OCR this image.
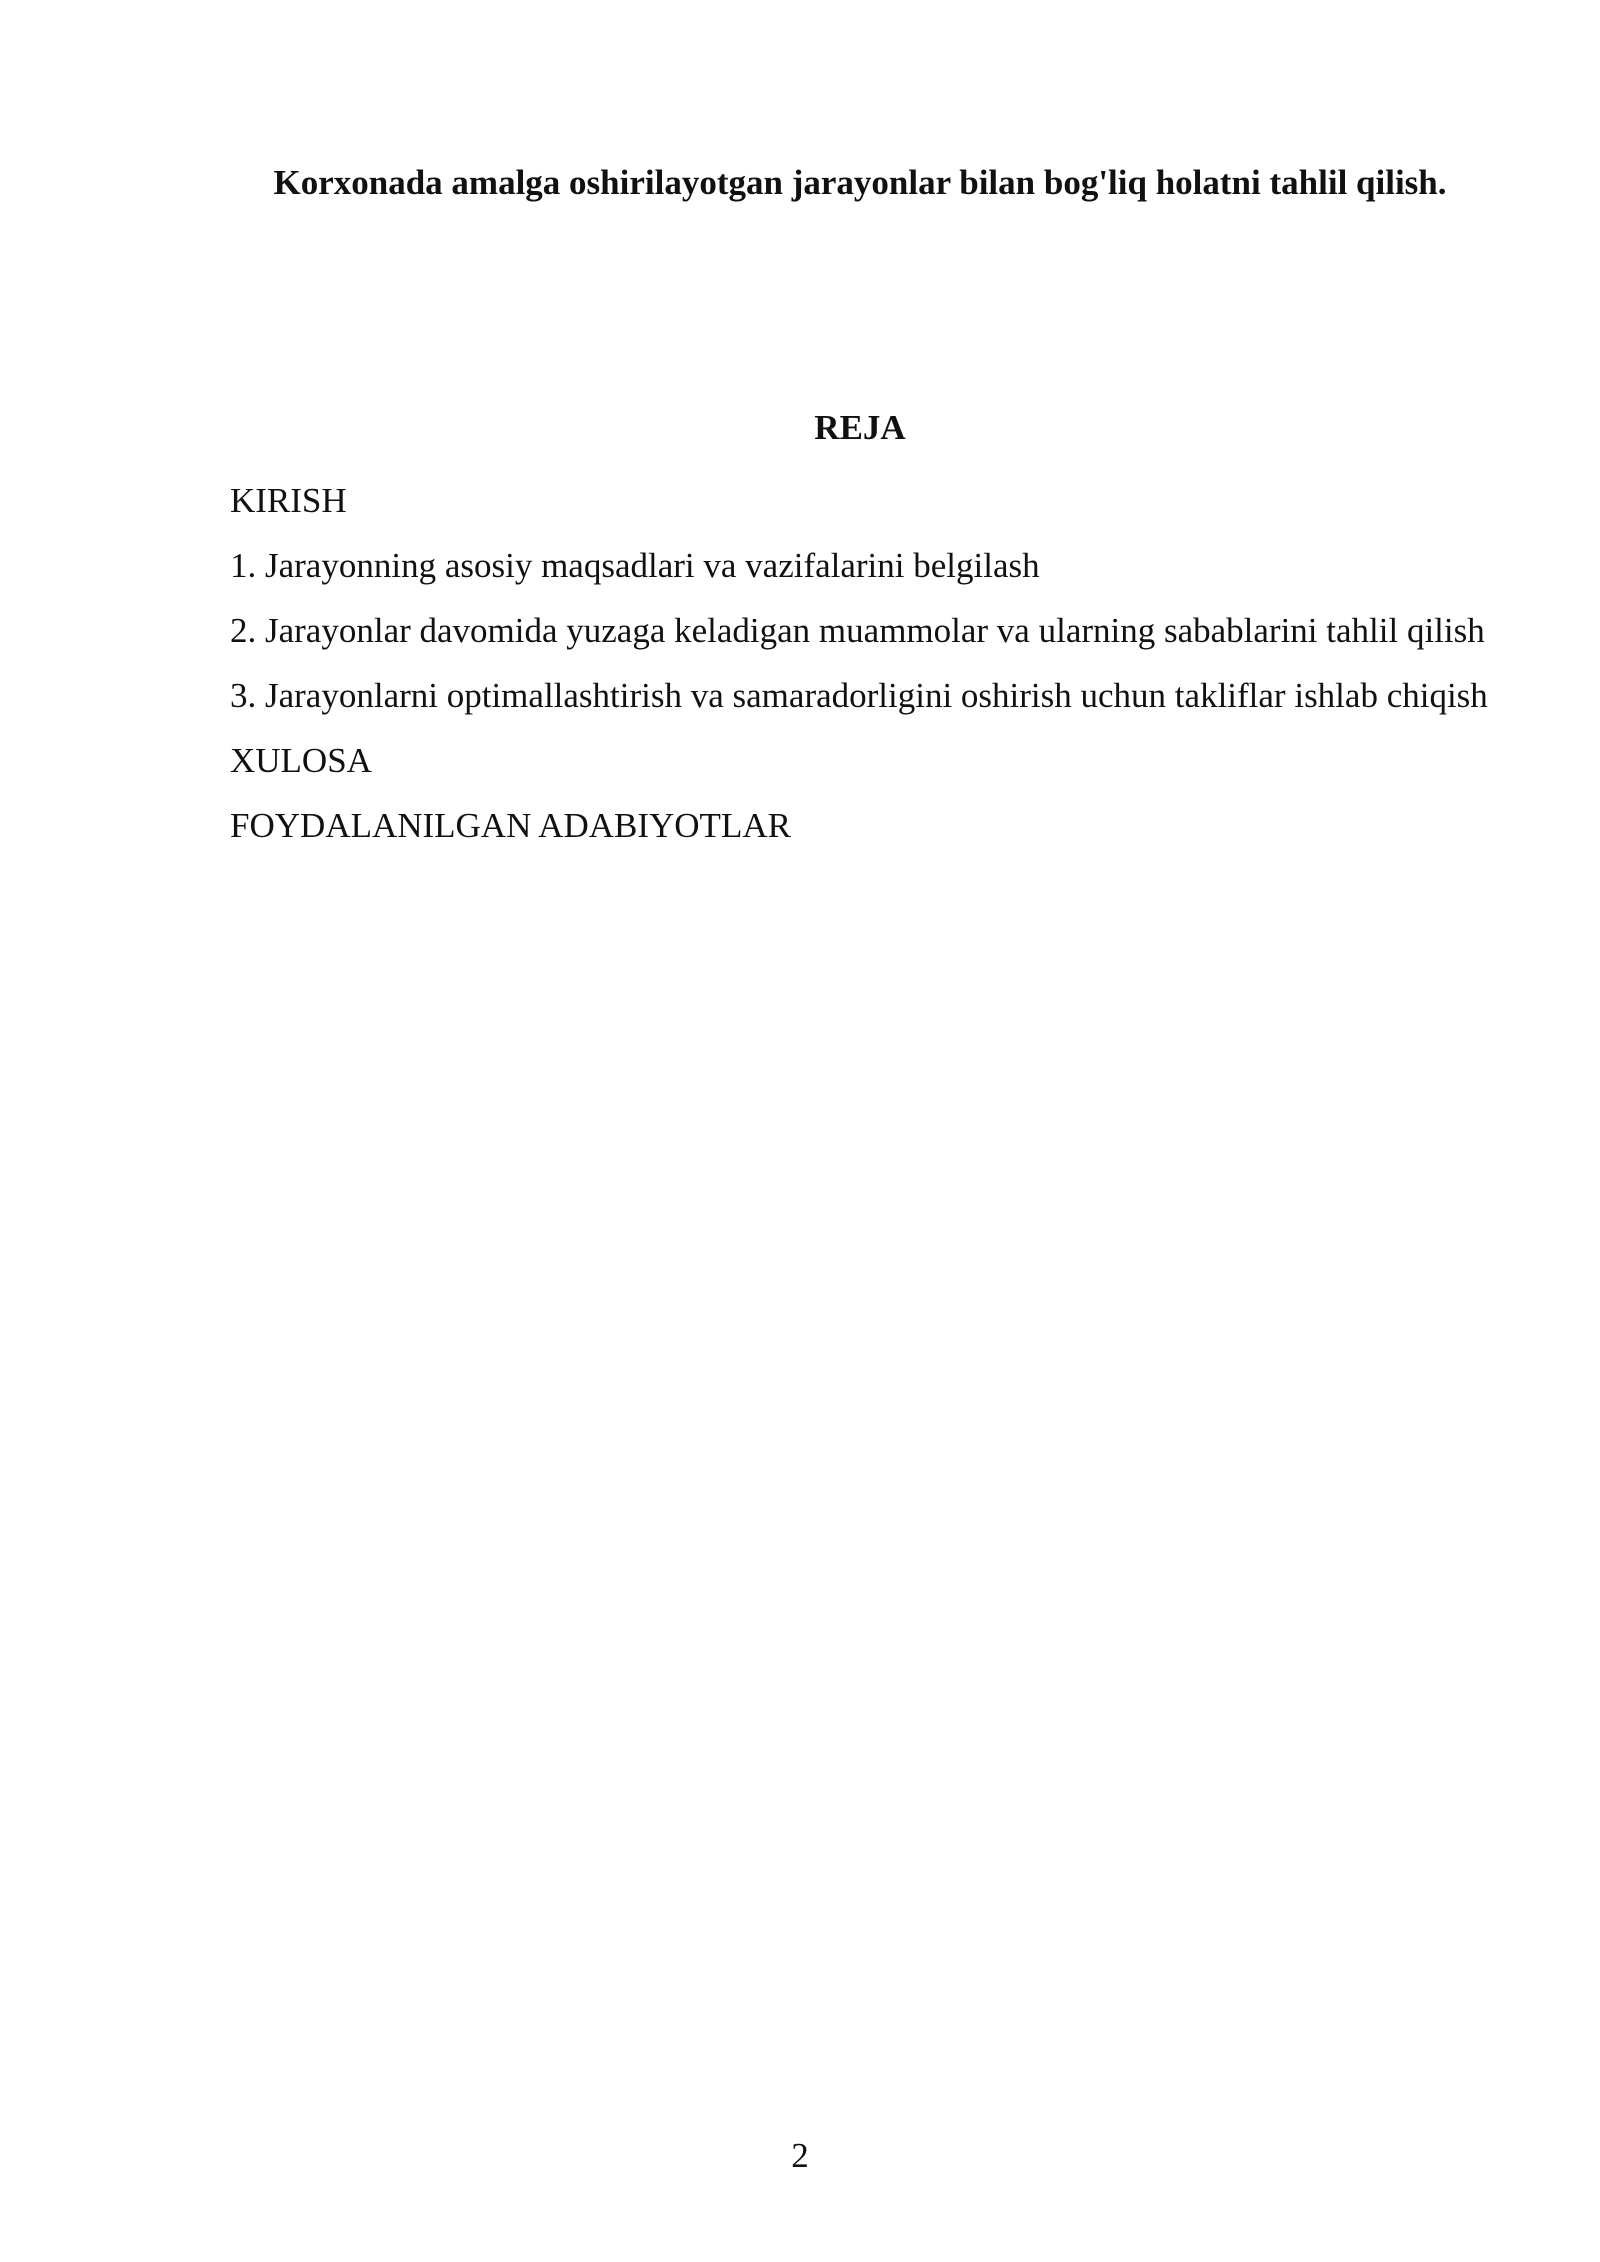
Korxonada amalga oshirilayotgan jarayonlar bilan bog'liq holatni tahlil qilish.
REJA
KIRISH
1. Jarayonning asosiy maqsadlari va vazifalarini belgilash
2. Jarayonlar davomida yuzaga keladigan muammolar va ularning sabablarini tahlil qilish
3. Jarayonlarni optimallashtirish va samaradorligini oshirish uchun takliflar ishlab chiqish
XULOSA
FOYDALANILGAN ADABIYOTLAR

2
